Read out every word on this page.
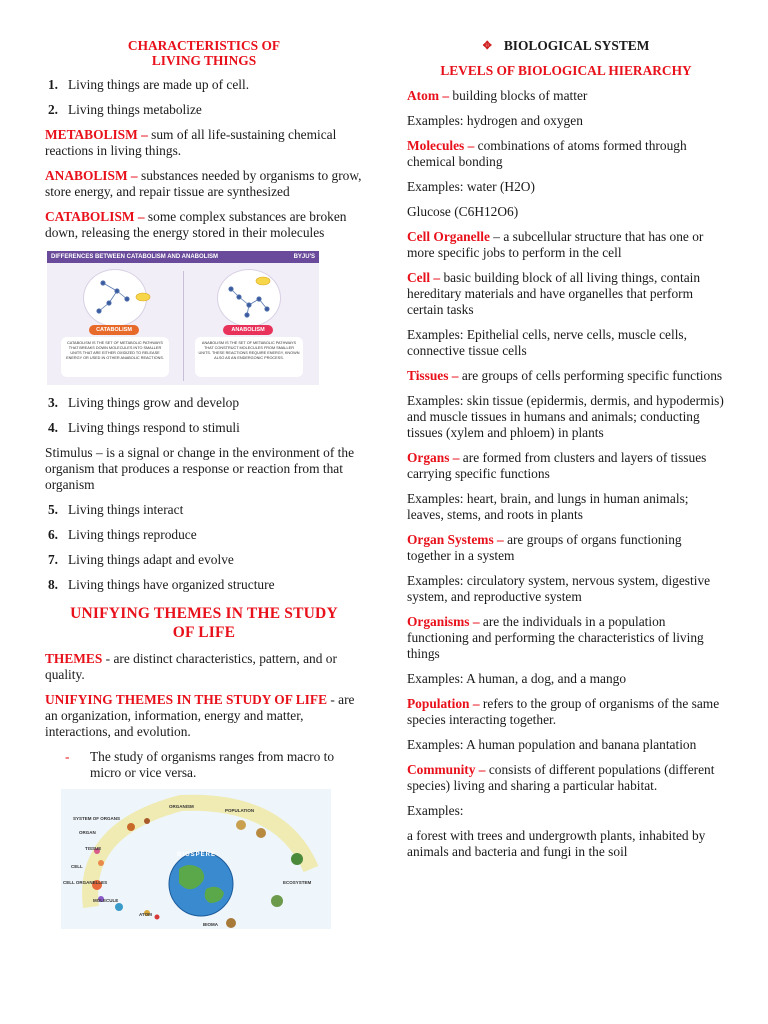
CHARACTERISTICS OF
LIVING THINGS
1. Living things are made up of cell.
2. Living things metabolize

METABOLISM – sum of all life-sustaining chemical reactions in living things.

ANABOLISM – substances needed by organisms to grow, store energy, and repair tissue are synthesized

CATABOLISM – some complex substances are broken down, releasing the energy stored in their molecules

DIFFERENCES BETWEEN CATABOLISM AND ANABOLISM	BYJU'S
CATABOLISM
CATABOLISM IS THE SET OF METABOLIC PATHWAYS THAT BREAKS DOWN MOLECULES INTO SMALLER UNITS THAT ARE EITHER OXIDIZED TO RELEASE ENERGY OR USED IN OTHER ANABOLIC REACTIONS.
ANABOLISM
ANABOLISM IS THE SET OF METABOLIC PATHWAYS THAT CONSTRUCT MOLECULES FROM SMALLER UNITS. THESE REACTIONS REQUIRE ENERGY, KNOWN ALSO AS AN ENDERGONIC PROCESS.
3. Living things grow and develop
4. Living things respond to stimuli

Stimulus – is a signal or change in the environment of the organism that produces a response or reaction from that organism

5. Living things interact
6. Living things reproduce
7. Living things adapt and evolve
8. Living things have organized structure
UNIFYING THEMES IN THE STUDY
OF LIFE

THEMES - are distinct characteristics, pattern, and or quality.

UNIFYING THEMES IN THE STUDY OF LIFE - are an organization, information, energy and matter, interactions, and evolution.

-	The study of organisms ranges from macro to micro or vice versa.
BIOSPERE
SYSTEM OF ORGANS
ORGANISM
POPULATION
ORGAN
TISSUE
CELL
CELL ORGANELLES
MOLECULE
ATOM
BIOMA
ECOSYSTEM
✥ BIOLOGICAL SYSTEM
LEVELS OF BIOLOGICAL HIERARCHY

Atom – building blocks of matter

Examples: hydrogen and oxygen

Molecules – combinations of atoms formed through chemical bonding

Examples: water (H2O)

Glucose (C6H12O6)

Cell Organelle – a subcellular structure that has one or more specific jobs to perform in the cell

Cell – basic building block of all living things, contain hereditary materials and have organelles that perform certain tasks

Examples: Epithelial cells, nerve cells, muscle cells, connective tissue cells

Tissues – are groups of cells performing specific functions

Examples: skin tissue (epidermis, dermis, and hypodermis) and muscle tissues in humans and animals; conducting tissues (xylem and phloem) in plants

Organs – are formed from clusters and layers of tissues carrying specific functions

Examples: heart, brain, and lungs in human animals; leaves, stems, and roots in plants

Organ Systems – are groups of organs functioning together in a system

Examples: circulatory system, nervous system, digestive system, and reproductive system

Organisms – are the individuals in a population functioning and performing the characteristics of living things

Examples: A human, a dog, and a mango

Population – refers to the group of organisms of the same species interacting together.

Examples: A human population and banana plantation

Community – consists of different populations (different species) living and sharing a particular habitat.

Examples:

a forest with trees and undergrowth plants, inhabited by animals and bacteria and fungi in the soil
